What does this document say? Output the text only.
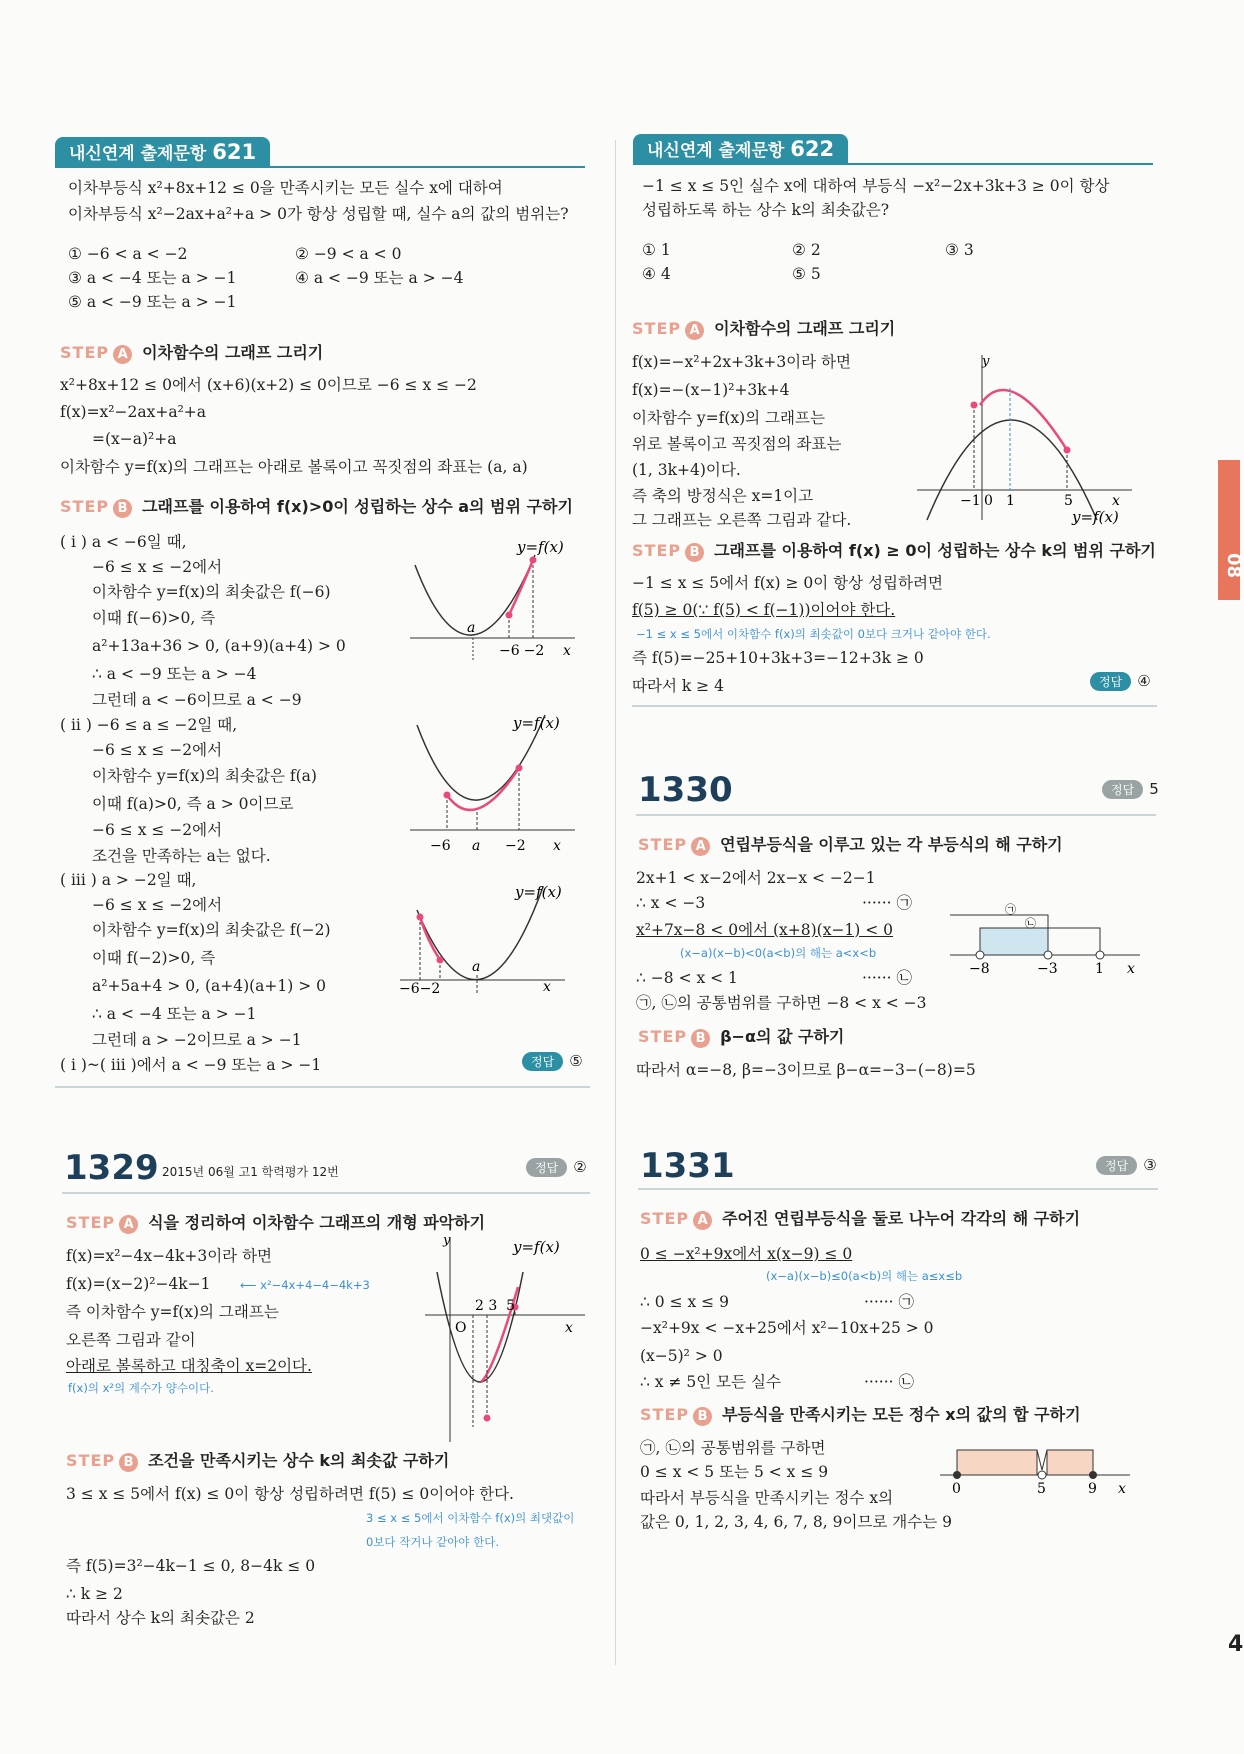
08
4
내신연계 출제문항 621
이차부등식 x²+8x+12 ≤ 0을 만족시키는 모든 실수 x에 대하여
이차부등식 x²−2ax+a²+a > 0가 항상 성립할 때, 실수 a의 값의 범위는?
① −6 < a < −2	② −9 < a < 0
③ a < −4 또는 a > −1	④ a < −9 또는 a > −4
⑤ a < −9 또는 a > −1
STEP A 이차함수의 그래프 그리기
x²+8x+12 ≤ 0에서 (x+6)(x+2) ≤ 0이므로 −6 ≤ x ≤ −2
f(x)=x²−2ax+a²+a
=(x−a)²+a
이차함수 y=f(x)의 그래프는 아래로 볼록이고 꼭짓점의 좌표는 (a, a)
STEP B 그래프를 이용하여 f(x)>0이 성립하는 상수 a의 범위 구하기
( i ) a < −6일 때,
−6 ≤ x ≤ −2에서
이차함수 y=f(x)의 최솟값은 f(−6)
이때 f(−6)>0, 즉
a²+13a+36 > 0, (a+9)(a+4) > 0
∴ a < −9 또는 a > −4
그런데 a < −6이므로 a < −9
( ii ) −6 ≤ a ≤ −2일 때,
−6 ≤ x ≤ −2에서
이차함수 y=f(x)의 최솟값은 f(a)
이때 f(a)>0, 즉 a > 0이므로
−6 ≤ x ≤ −2에서
조건을 만족하는 a는 없다.
( iii ) a > −2일 때,
−6 ≤ x ≤ −2에서
이차함수 y=f(x)의 최솟값은 f(−2)
이때 f(−2)>0, 즉
a²+5a+4 > 0, (a+4)(a+1) > 0
∴ a < −4 또는 a > −1
그런데 a > −2이므로 a > −1
( i )~( iii )에서 a < −9 또는 a > −1	정답 ⑤
y=f(x)
a
−6 −2 x
y=f(x)
−6 a −2 x
y=f(x)
a
−6−2	x
내신연계 출제문항 622
−1 ≤ x ≤ 5인 실수 x에 대하여 부등식 −x²−2x+3k+3 ≥ 0이 항상
성립하도록 하는 상수 k의 최솟값은?
① 1	② 2	③ 3
④ 4	⑤ 5
STEP A 이차함수의 그래프 그리기
f(x)=−x²+2x+3k+3이라 하면
f(x)=−(x−1)²+3k+4
이차함수 y=f(x)의 그래프는
위로 볼록이고 꼭짓점의 좌표는
(1, 3k+4)이다.
즉 축의 방정식은 x=1이고
그 그래프는 오른쪽 그림과 같다.
y
−1 0 1	5	x
y=f(x)
STEP B 그래프를 이용하여 f(x) ≥ 0이 성립하는 상수 k의 범위 구하기
−1 ≤ x ≤ 5에서 f(x) ≥ 0이 항상 성립하려면
f(5) ≥ 0(∵ f(5) < f(−1))이어야 한다.
−1 ≤ x ≤ 5에서 이차함수 f(x)의 최솟값이 0보다 크거나 같아야 한다.
즉 f(5)=−25+10+3k+3=−12+3k ≥ 0
따라서 k ≥ 4	정답 ④
1329 2015년 06월 고1 학력평가 12번	정답 ②
STEP A 식을 정리하여 이차함수 그래프의 개형 파악하기
f(x)=x²−4x−4k+3이라 하면
f(x)=(x−2)²−4k−1	⟵ x²−4x+4−4−4k+3
즉 이차함수 y=f(x)의 그래프는
오른쪽 그림과 같이
아래로 볼록하고 대칭축이 x=2이다.
f(x)의 x²의 계수가 양수이다.
y	y=f(x)
O
2 3  5
x
STEP B 조건을 만족시키는 상수 k의 최솟값 구하기
3 ≤ x ≤ 5에서 f(x) ≤ 0이 항상 성립하려면 f(5) ≤ 0이어야 한다.
3 ≤ x ≤ 5에서 이차함수 f(x)의 최댓값이
0보다 작거나 같아야 한다.
즉 f(5)=3²−4k−1 ≤ 0, 8−4k ≤ 0
∴ k ≥ 2
따라서 상수 k의 최솟값은 2
1330	정답 5
STEP A 연립부등식을 이루고 있는 각 부등식의 해 구하기
2x+1 < x−2에서 2x−x < −2−1
∴ x < −3	······ ㉠
x²+7x−8 < 0에서 (x+8)(x−1) < 0
(x−a)(x−b)<0(a<b)의 해는 a<x<b
∴ −8 < x < 1	······ ㉡
㉠, ㉡의 공통범위를 구하면 −8 < x < −3
㉠
㉡
−8	−3	1 x
STEP B β−α의 값 구하기
따라서 α=−8, β=−3이므로 β−α=−3−(−8)=5
1331	정답 ③
STEP A 주어진 연립부등식을 둘로 나누어 각각의 해 구하기
0 ≤ −x²+9x에서 x(x−9) ≤ 0
(x−a)(x−b)≤0(a<b)의 해는 a≤x≤b
∴ 0 ≤ x ≤ 9	······ ㉠
−x²+9x < −x+25에서 x²−10x+25 > 0
(x−5)² > 0
∴ x ≠ 5인 모든 실수	······ ㉡
STEP B 부등식을 만족시키는 모든 정수 x의 값의 합 구하기
㉠, ㉡의 공통범위를 구하면
0 ≤ x < 5 또는 5 < x ≤ 9
따라서 부등식을 만족시키는 정수 x의
값은 0, 1, 2, 3, 4, 6, 7, 8, 9이므로 개수는 9
0	5	9 x
